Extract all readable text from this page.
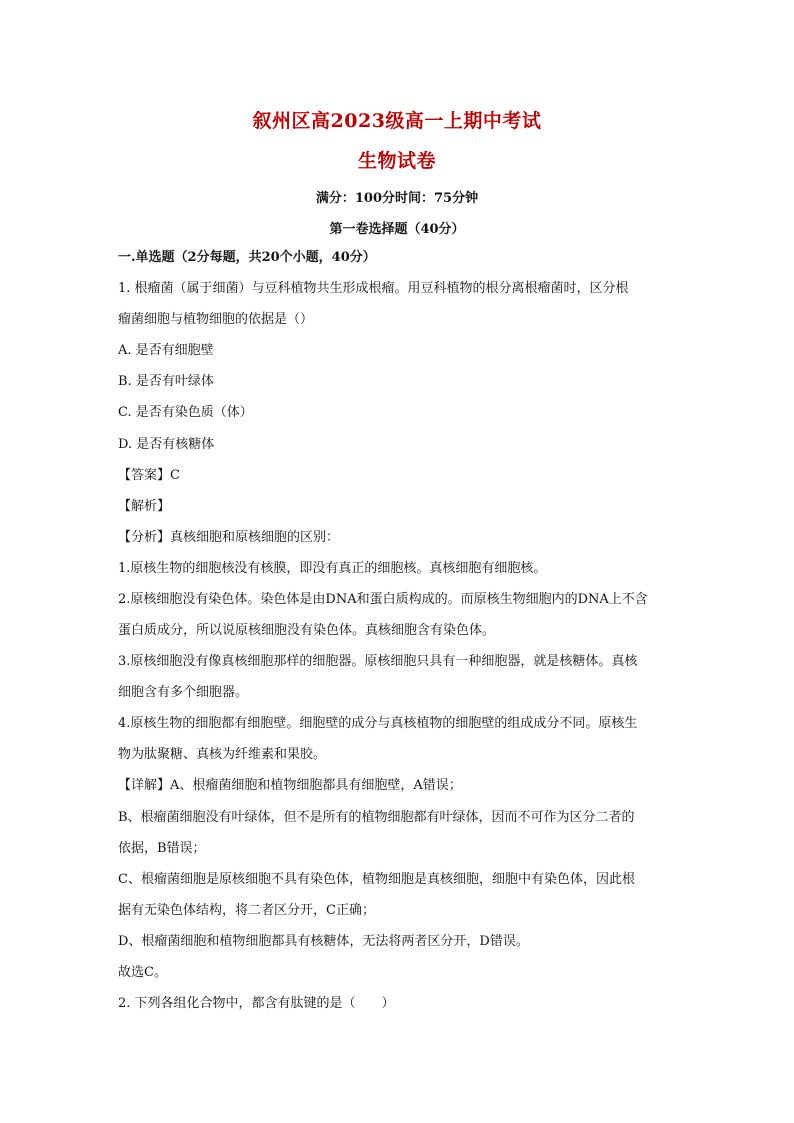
叙州区高2023级高一上期中考试
生物试卷
满分：100分时间：75分钟
第一卷选择题（40分）
一.单选题（2分每题，共20个小题，40分）
1. 根瘤菌（属于细菌）与豆科植物共生形成根瘤。用豆科植物的根分离根瘤菌时，区分根
瘤菌细胞与植物细胞的依据是（）
A. 是否有细胞壁
B. 是否有叶绿体
C. 是否有染色质（体）
D. 是否有核糖体
【答案】C
【解析】
【分析】真核细胞和原核细胞的区别：
1.原核生物的细胞核没有核膜，即没有真正的细胞核。真核细胞有细胞核。
2.原核细胞没有染色体。染色体是由DNA和蛋白质构成的。而原核生物细胞内的DNA上不含
蛋白质成分，所以说原核细胞没有染色体。真核细胞含有染色体。
3.原核细胞没有像真核细胞那样的细胞器。原核细胞只具有一种细胞器，就是核糖体。真核
细胞含有多个细胞器。
4.原核生物的细胞都有细胞壁。细胞壁的成分与真核植物的细胞壁的组成成分不同。原核生
物为肽聚糖、真核为纤维素和果胶。
【详解】A、根瘤菌细胞和植物细胞都具有细胞壁，A错误；
B、根瘤菌细胞没有叶绿体，但不是所有的植物细胞都有叶绿体，因而不可作为区分二者的
依据，B错误；
C、根瘤菌细胞是原核细胞不具有染色体，植物细胞是真核细胞，细胞中有染色体，因此根
据有无染色体结构，将二者区分开，C正确；
D、根瘤菌细胞和植物细胞都具有核糖体，无法将两者区分开，D错误。
故选C。
2. 下列各组化合物中，都含有肽键的是（　　）
